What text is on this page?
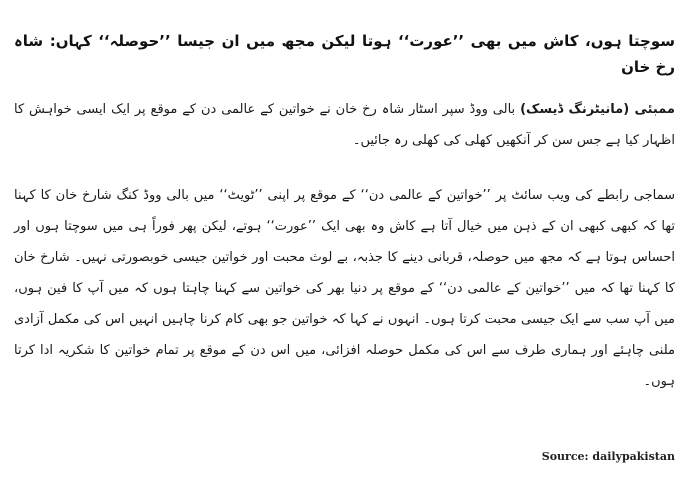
سوچتا ہوں، کاش میں بھی ’’عورت‘‘ ہوتا لیکن مجھ میں ان جیسا ’’حوصلہ‘‘ کہاں: شاہ رخ خان

ممبئی (مانیٹرنگ ڈیسک) بالی ووڈ سپر اسٹار شاہ رخ خان نے خواتین کے عالمی دن کے موقع پر ایک ایسی خواہش کا اظہار کیا ہے جس سن کر آنکھیں کھلی کی کھلی رہ جائیں۔

سماجی رابطے کی ویب سائٹ پر ’’خواتین کے عالمی دن‘‘ کے موقع پر اپنی ’’ٹویٹ‘‘ میں بالی ووڈ کنگ شارخ خان کا کہنا تھا کہ کبھی کبھی ان کے ذہن میں خیال آتا ہے کاش وہ بھی ایک ’’عورت‘‘ ہوتے، لیکن پھر فوراً ہی میں سوچتا ہوں اور احساس ہوتا ہے کہ مجھ میں حوصلہ، قربانی دینے کا جذبہ، بے لوث محبت اور خواتین جیسی خوبصورتی نہیں۔ شارخ خان کا کہنا تھا کہ میں ’’خواتین کے عالمی دن‘‘ کے موقع پر دنیا بھر کی خواتین سے کہنا چاہتا ہوں کہ میں آپ کا فین ہوں، میں آپ سب سے ایک جیسی محبت کرتا ہوں۔ انہوں نے کہا کہ خواتین جو بھی کام کرنا چاہیں انہیں اس کی مکمل آزادی ملنی چاہئے اور ہماری طرف سے اس کی مکمل حوصلہ افزائی، میں اس دن کے موقع پر تمام خواتین کا شکریہ ادا کرتا ہوں۔

Source: dailypakistan
